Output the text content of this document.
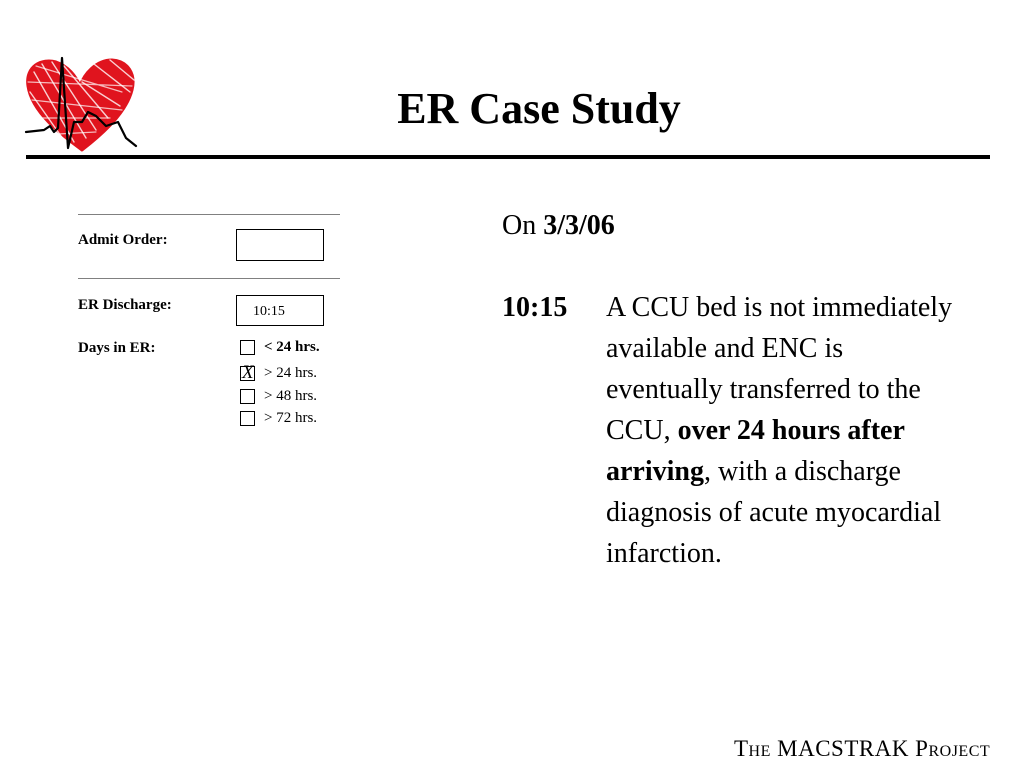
ER Case Study
Admit Order:
ER Discharge:	10:15
Days in ER:	< 24 hrs.
X > 24 hrs.
> 48 hrs.
> 72 hrs.
On 3/3/06
10:15 A CCU bed is not immediately available and ENC is eventually transferred to the CCU, over 24 hours after arriving, with a discharge diagnosis of acute myocardial infarction.
The MACSTRAK Project
